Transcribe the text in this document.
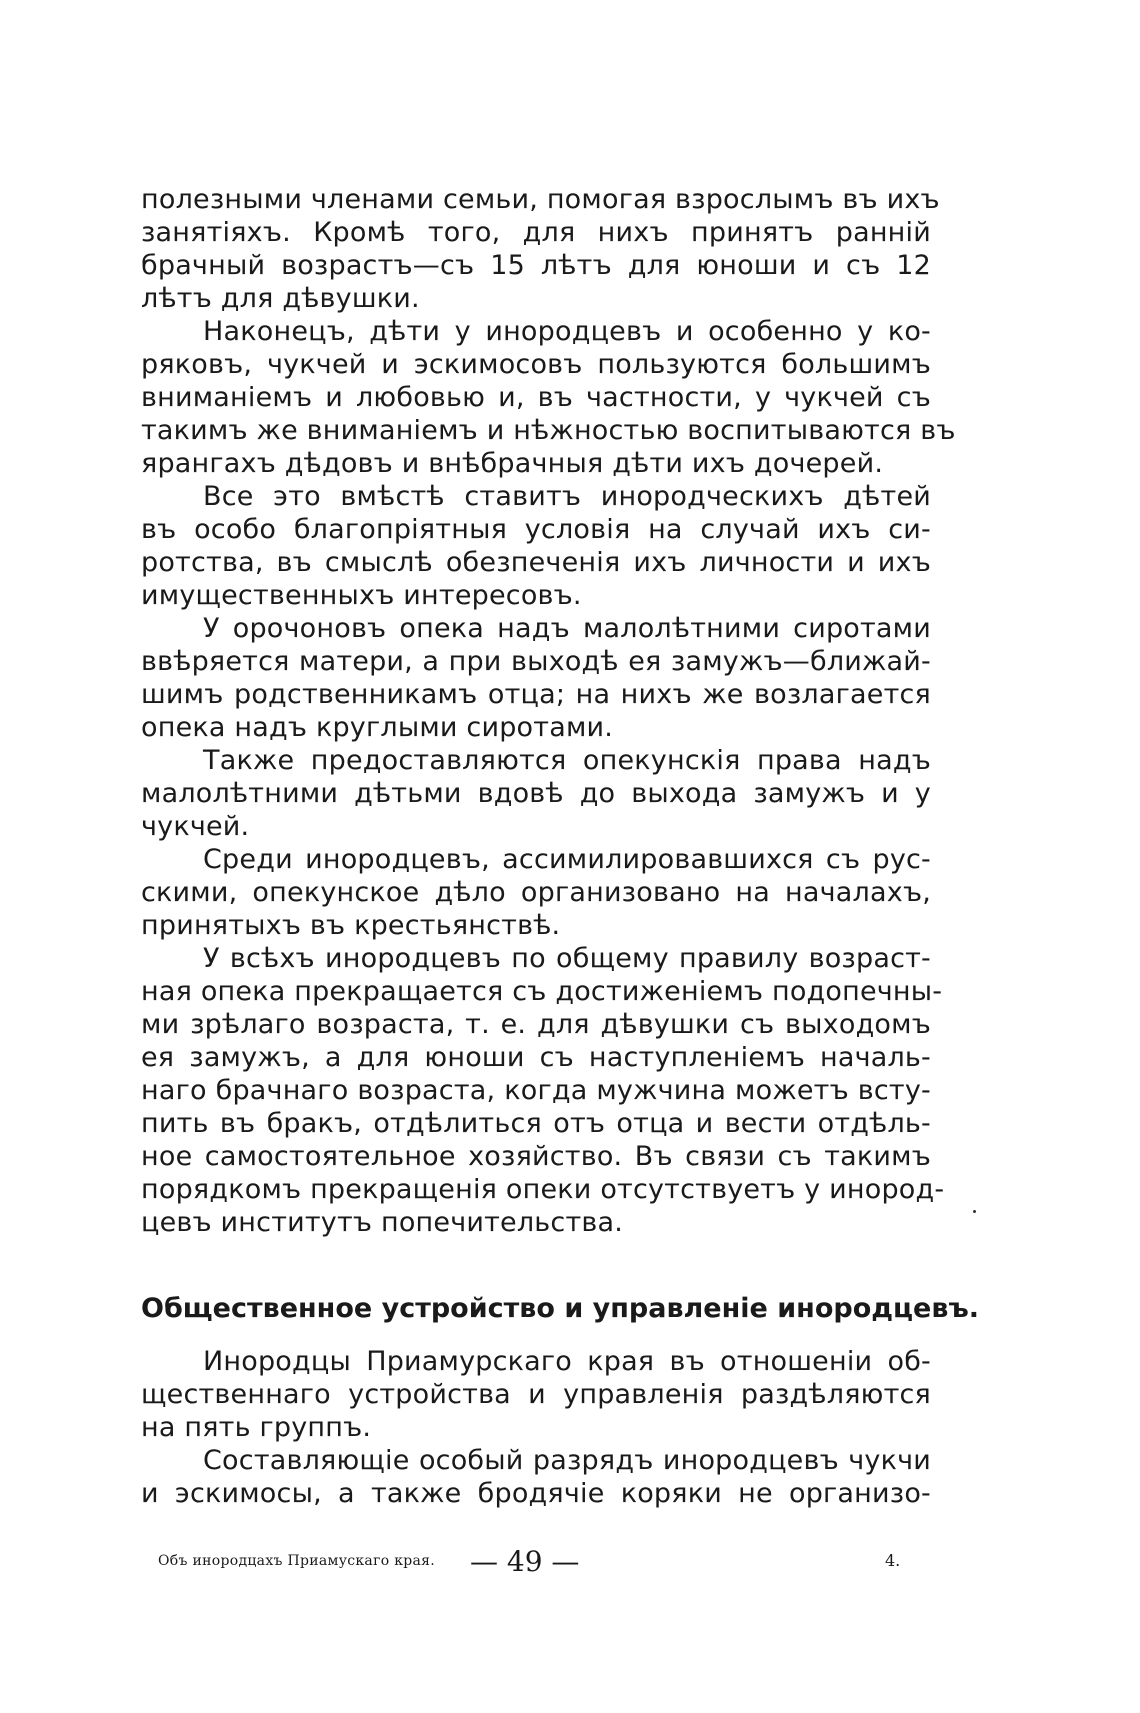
полезными членами семьи, помогая взрослымъ въ ихъ
занятіяхъ. Кромѣ того, для нихъ принятъ ранній
брачный возрастъ—съ 15 лѣтъ для юноши и съ 12
лѣтъ для дѣвушки.
Наконецъ, дѣти у инородцевъ и особенно у ко-
ряковъ, чукчей и эскимосовъ пользуются большимъ
вниманіемъ и любовью и, въ частности, у чукчей съ
такимъ же вниманіемъ и нѣжностью воспитываются въ
ярангахъ дѣдовъ и внѣбрачныя дѣти ихъ дочерей.
Все это вмѣстѣ ставитъ инородческихъ дѣтей
въ особо благопріятныя условія на случай ихъ си-
ротства, въ смыслѣ обезпеченія ихъ личности и ихъ
имущественныхъ интересовъ.
У орочоновъ опека надъ малолѣтними сиротами
ввѣряется матери, а при выходѣ ея замужъ—ближай-
шимъ родственникамъ отца; на нихъ же возлагается
опека надъ круглыми сиротами.
Также предоставляются опекунскія права надъ
малолѣтними дѣтьми вдовѣ до выхода замужъ и у
чукчей.
Среди инородцевъ, ассимилировавшихся съ рус-
скими, опекунское дѣло организовано на началахъ,
принятыхъ въ крестьянствѣ.
У всѣхъ инородцевъ по общему правилу возраст-
ная опека прекращается съ достиженіемъ подопечны-
ми зрѣлаго возраста, т. е. для дѣвушки съ выходомъ
ея замужъ, а для юноши съ наступленіемъ началь-
наго брачнаго возраста, когда мужчина можетъ всту-
пить въ бракъ, отдѣлиться отъ отца и вести отдѣль-
ное самостоятельное хозяйство. Въ связи съ такимъ
порядкомъ прекращенія опеки отсутствуетъ у инород-
цевъ институтъ попечительства.
Общественное устройство и управленіе инородцевъ.
Инородцы Приамурскаго края въ отношеніи об-
щественнаго устройства и управленія раздѣляются
на пять группъ.
Составляющіе особый разрядъ инородцевъ чукчи
и эскимосы, а также бродячіе коряки не организо-
Объ инородцахъ Приамускаго края. — 49 —	4.
